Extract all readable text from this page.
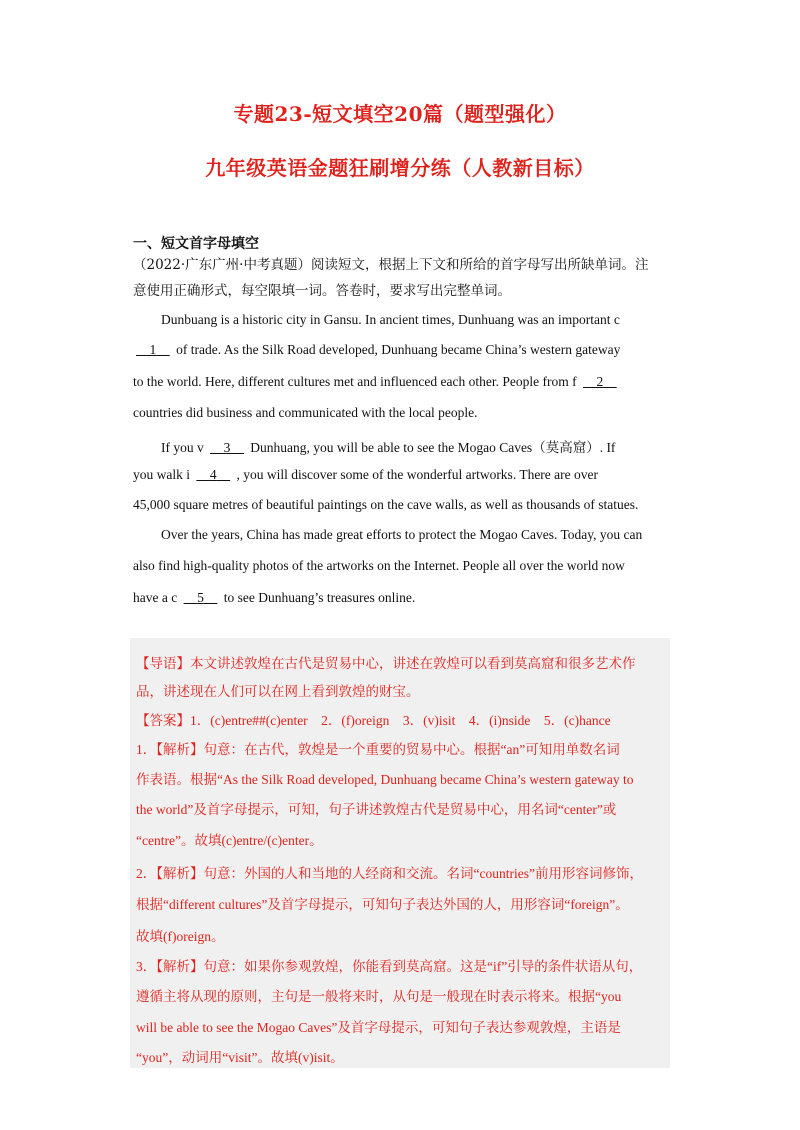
专题23-短文填空20篇（题型强化）
九年级英语金题狂刷增分练（人教新目标）
一、短文首字母填空
（2022·广东广州·中考真题）阅读短文，根据上下文和所给的首字母写出所缺单词。注
意使用正确形式，每空限填一词。答卷时，要求写出完整单词。
Dunbuang is a historic city in Gansu. In ancient times, Dunhuang was an important c
1 of trade. As the Silk Road developed, Dunhuang became China’s western gateway
to the world. Here, different cultures met and influenced each other. People from f 2
countries did business and communicated with the local people.
If you v 3 Dunhuang, you will be able to see the Mogao Caves（莫高窟）. If
you walk i 4 , you will discover some of the wonderful artworks. There are over
45,000 square metres of beautiful paintings on the cave walls, as well as thousands of statues.
Over the years, China has made great efforts to protect the Mogao Caves. Today, you can
also find high-quality photos of the artworks on the Internet. People all over the world now
have a c 5 to see Dunhuang’s treasures online.
【导语】本文讲述敦煌在古代是贸易中心，讲述在敦煌可以看到莫高窟和很多艺术作
品，讲述现在人们可以在网上看到敦煌的财宝。
【答案】1．(c)entre##(c)enter　2．(f)oreign　3．(v)isit　4．(i)nside　5．(c)hance
1．【解析】句意：在古代，敦煌是一个重要的贸易中心。根据“an”可知用单数名词
作表语。根据“As the Silk Road developed, Dunhuang became China’s western gateway to
the world”及首字母提示，可知，句子讲述敦煌古代是贸易中心，用名词“center”或
“centre”。故填(c)entre/(c)enter。
2．【解析】句意：外国的人和当地的人经商和交流。名词“countries”前用形容词修饰，
根据“different cultures”及首字母提示，可知句子表达外国的人，用形容词“foreign”。
故填(f)oreign。
3．【解析】句意：如果你参观敦煌，你能看到莫高窟。这是“if”引导的条件状语从句，
遵循主将从现的原则，主句是一般将来时，从句是一般现在时表示将来。根据“you
will be able to see the Mogao Caves”及首字母提示，可知句子表达参观敦煌，主语是
“you”，动词用“visit”。故填(v)isit。
